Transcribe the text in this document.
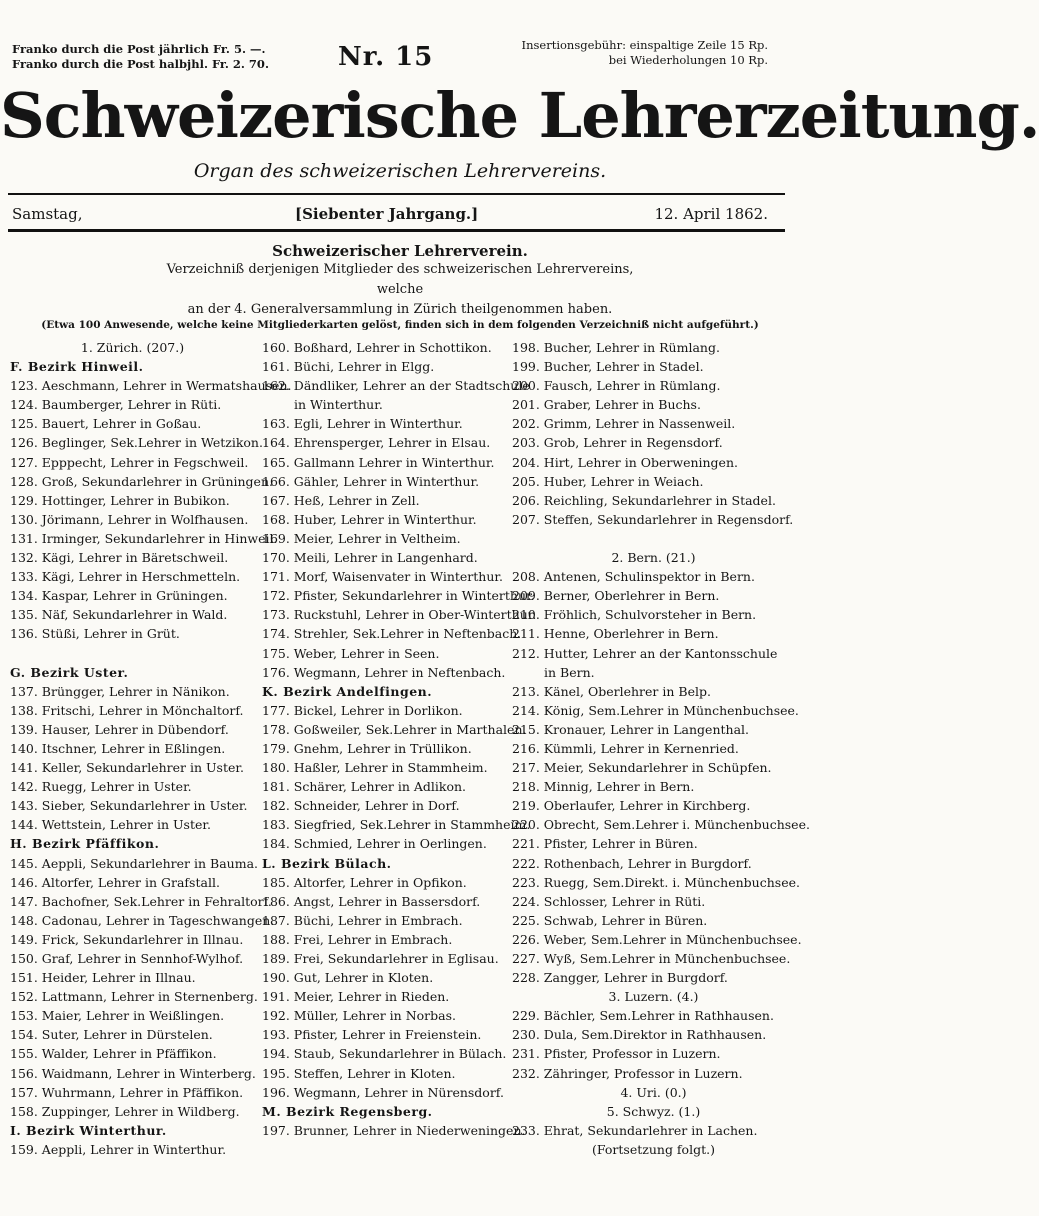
Franko durch die Post jährlich Fr. 5. —.
Franko durch die Post halbjhl. Fr. 2. 70.	Nr. 15	Insertionsgebühr: einspaltige Zeile 15 Rp.
bei Wiederholungen 10 Rp.
Schweizerische Lehrerzeitung.
Organ des schweizerischen Lehrervereins.
Samstag,	[Siebenter Jahrgang.]	12. April 1862.
Schweizerischer Lehrerverein.
Verzeichniß derjenigen Mitglieder des schweizerischen Lehrervereins,
welche
an der 4. Generalversammlung in Zürich theilgenommen haben.
(Etwa 100 Anwesende, welche keine Mitgliederkarten gelöst, finden sich in dem folgenden Verzeichniß nicht aufgeführt.)
1. Zürich. (207.)
F. Bezirk Hinweil.
123. Aeschmann, Lehrer in Wermatshausen.
124. Baumberger, Lehrer in Rüti.
125. Bauert, Lehrer in Goßau.
126. Beglinger, Sek.Lehrer in Wetzikon.
127. Eppрecht, Lehrer in Fegschweil.
128. Groß, Sekundarlehrer in Grüningen.
129. Hottinger, Lehrer in Bubikon.
130. Jörimann, Lehrer in Wolfhausen.
131. Irminger, Sekundarlehrer in Hinweil.
132. Kägi, Lehrer in Bäretschweil.
133. Kägi, Lehrer in Herschmetteln.
134. Kaspar, Lehrer in Grüningen.
135. Näf, Sekundarlehrer in Wald.
136. Stüßi, Lehrer in Grüt.
G. Bezirk Uster.
137. Brüngger, Lehrer in Nänikon.
138. Fritschi, Lehrer in Mönchaltorf.
139. Hauser, Lehrer in Dübendorf.
140. Itschner, Lehrer in Eßlingen.
141. Keller, Sekundarlehrer in Uster.
142. Ruegg, Lehrer in Uster.
143. Sieber, Sekundarlehrer in Uster.
144. Wettstein, Lehrer in Uster.
H. Bezirk Pfäffikon.
145. Aeppli, Sekundarlehrer in Bauma.
146. Altorfer, Lehrer in Grafstall.
147. Bachofner, Sek.Lehrer in Fehraltorf.
148. Cadonau, Lehrer in Tageschwangen.
149. Frick, Sekundarlehrer in Illnau.
150. Graf, Lehrer in Sennhof-Wylhof.
151. Heider, Lehrer in Illnau.
152. Lattmann, Lehrer in Sternenberg.
153. Maier, Lehrer in Weißlingen.
154. Suter, Lehrer in Dürstelen.
155. Walder, Lehrer in Pfäffikon.
156. Waidmann, Lehrer in Winterberg.
157. Wuhrmann, Lehrer in Pfäffikon.
158. Zuppinger, Lehrer in Wildberg.
I. Bezirk Winterthur.
159. Aeppli, Lehrer in Winterthur.
160. Boßhard, Lehrer in Schottikon.
161. Büchi, Lehrer in Elgg.
162. Dändliker, Lehrer an der Stadtschule
in Winterthur.
163. Egli, Lehrer in Winterthur.
164. Ehrensperger, Lehrer in Elsau.
165. Gallmann Lehrer in Winterthur.
166. Gähler, Lehrer in Winterthur.
167. Heß, Lehrer in Zell.
168. Huber, Lehrer in Winterthur.
169. Meier, Lehrer in Veltheim.
170. Meili, Lehrer in Langenhard.
171. Morf, Waisenvater in Winterthur.
172. Pfister, Sekundarlehrer in Winterthur.
173. Ruckstuhl, Lehrer in Ober-Winterthur.
174. Strehler, Sek.Lehrer in Neftenbach.
175. Weber, Lehrer in Seen.
176. Wegmann, Lehrer in Neftenbach.
K. Bezirk Andelfingen.
177. Bickel, Lehrer in Dorlikon.
178. Goßweiler, Sek.Lehrer in Marthalen.
179. Gnehm, Lehrer in Trüllikon.
180. Haßler, Lehrer in Stammheim.
181. Schärer, Lehrer in Adlikon.
182. Schneider, Lehrer in Dorf.
183. Siegfried, Sek.Lehrer in Stammheim.
184. Schmied, Lehrer in Oerlingen.
L. Bezirk Bülach.
185. Altorfer, Lehrer in Opfikon.
186. Angst, Lehrer in Bassersdorf.
187. Büchi, Lehrer in Embrach.
188. Frei, Lehrer in Embrach.
189. Frei, Sekundarlehrer in Eglisau.
190. Gut, Lehrer in Kloten.
191. Meier, Lehrer in Rieden.
192. Müller, Lehrer in Norbas.
193. Pfister, Lehrer in Freienstein.
194. Staub, Sekundarlehrer in Bülach.
195. Steffen, Lehrer in Kloten.
196. Wegmann, Lehrer in Nürensdorf.
M. Bezirk Regensberg.
197. Brunner, Lehrer in Niederweningen.
198. Bucher, Lehrer in Rümlang.
199. Bucher, Lehrer in Stadel.
200. Fausch, Lehrer in Rümlang.
201. Graber, Lehrer in Buchs.
202. Grimm, Lehrer in Nassenweil.
203. Grob, Lehrer in Regensdorf.
204. Hirt, Lehrer in Oberweningen.
205. Huber, Lehrer in Weiach.
206. Reichling, Sekundarlehrer in Stadel.
207. Steffen, Sekundarlehrer in Regensdorf.
2. Bern. (21.)
208. Antenen, Schulinspektor in Bern.
209. Berner, Oberlehrer in Bern.
210. Fröhlich, Schulvorsteher in Bern.
211. Henne, Oberlehrer in Bern.
212. Hutter, Lehrer an der Kantonsschule
in Bern.
213. Känel, Oberlehrer in Belp.
214. König, Sem.Lehrer in Münchenbuchsee.
215. Kronauer, Lehrer in Langenthal.
216. Kümmli, Lehrer in Kernenried.
217. Meier, Sekundarlehrer in Schüpfen.
218. Minnig, Lehrer in Bern.
219. Oberlaufer, Lehrer in Kirchberg.
220. Obrecht, Sem.Lehrer i. Münchenbuchsee.
221. Pfister, Lehrer in Büren.
222. Rothenbach, Lehrer in Burgdorf.
223. Ruegg, Sem.Direkt. i. Münchenbuchsee.
224. Schlosser, Lehrer in Rüti.
225. Schwab, Lehrer in Büren.
226. Weber, Sem.Lehrer in Münchenbuchsee.
227. Wyß, Sem.Lehrer in Münchenbuchsee.
228. Zangger, Lehrer in Burgdorf.
3. Luzern. (4.)
229. Bächler, Sem.Lehrer in Rathhausen.
230. Dula, Sem.Direktor in Rathhausen.
231. Pfister, Professor in Luzern.
232. Zähringer, Professor in Luzern.
4. Uri. (0.)
5. Schwyz. (1.)
233. Ehrat, Sekundarlehrer in Lachen.
(Fortsetzung folgt.)
